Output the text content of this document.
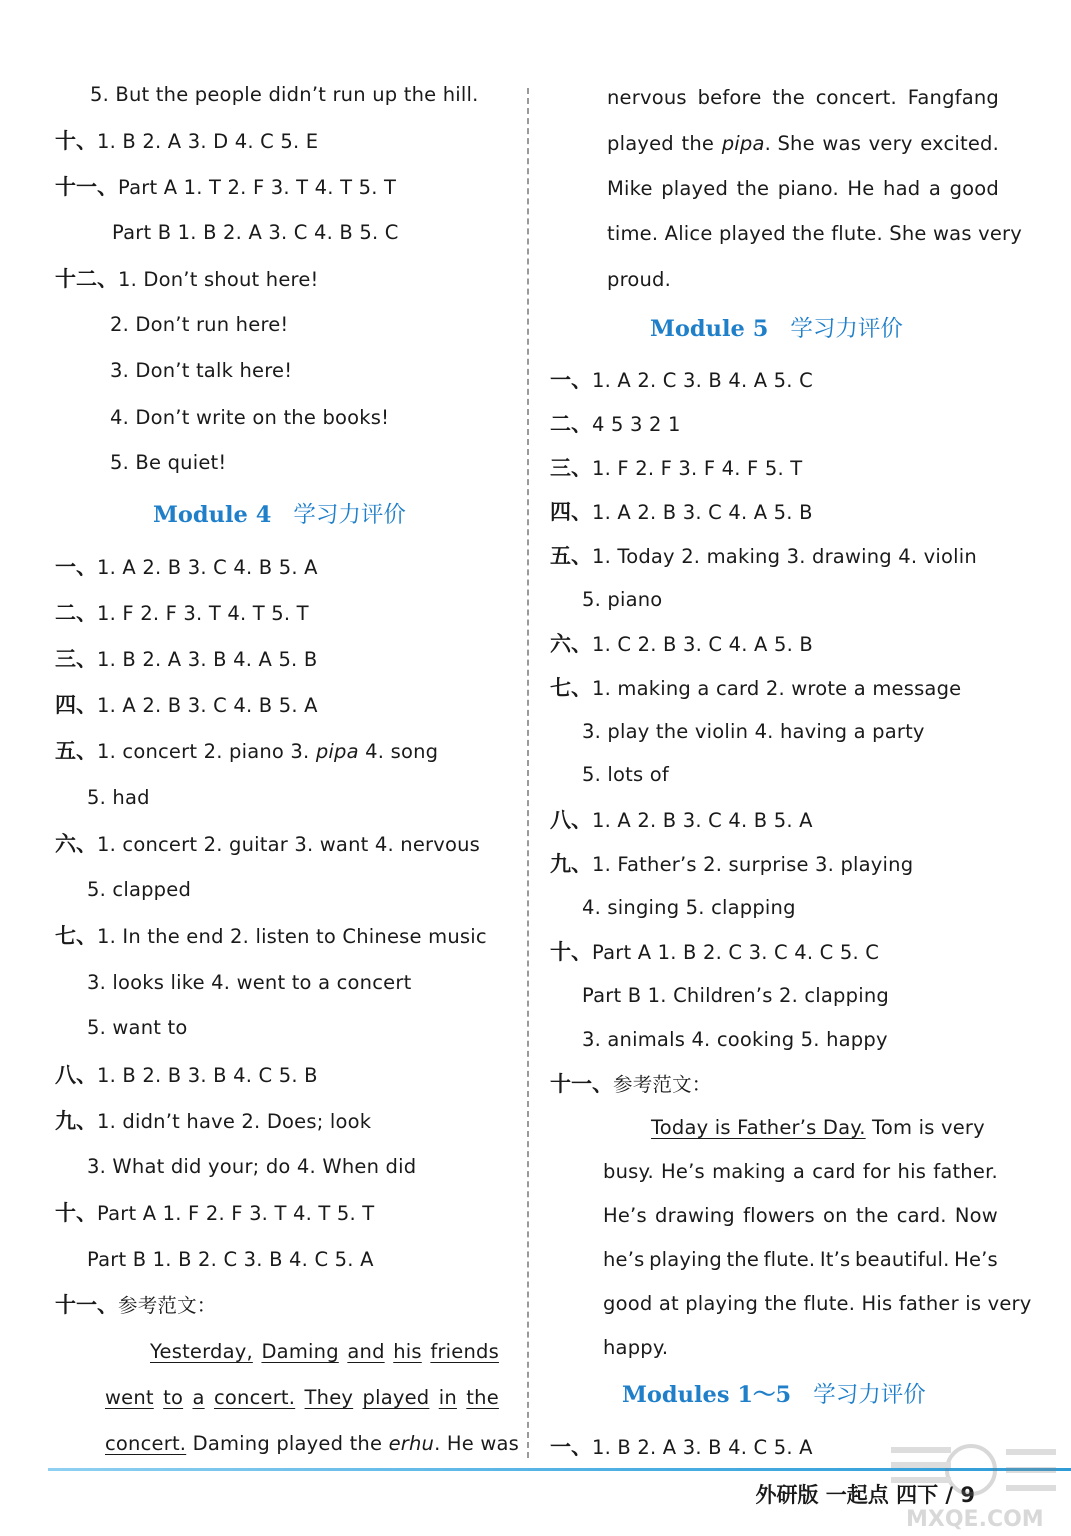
5. But the people didn’t run up the hill.
十、1. B 2. A 3. D 4. C 5. E
十一、Part A 1. T 2. F 3. T 4. T 5. T
Part B 1. B 2. A 3. C 4. B 5. C
十二、1. Don’t shout here!
2. Don’t run here!
3. Don’t talk here!
4. Don’t write on the books!
5. Be quiet!
Module 4 学习力评价
一、1. A 2. B 3. C 4. B 5. A
二、1. F 2. F 3. T 4. T 5. T
三、1. B 2. A 3. B 4. A 5. B
四、1. A 2. B 3. C 4. B 5. A
五、1. concert 2. piano 3. pipa 4. song
5. had
六、1. concert 2. guitar 3. want 4. nervous
5. clapped
七、1. In the end 2. listen to Chinese music
3. looks like 4. went to a concert
5. want to
八、1. B 2. B 3. B 4. C 5. B
九、1. didn’t have 2. Does; look
3. What did your; do 4. When did
十、Part A 1. F 2. F 3. T 4. T 5. T
Part B 1. B 2. C 3. B 4. C 5. A
十一、参考范文：
Yesterday, Daming and his friends
went to a concert. They played in the
concert. Daming played the erhu. He was
nervous before the concert. Fangfang
played the pipa. She was very excited.
Mike played the piano. He had a good
time. Alice played the flute. She was very
proud.
Module 5 学习力评价
一、1. A 2. C 3. B 4. A 5. C
二、4 5 3 2 1
三、1. F 2. F 3. F 4. F 5. T
四、1. A 2. B 3. C 4. A 5. B
五、1. Today 2. making 3. drawing 4. violin
5. piano
六、1. C 2. B 3. C 4. A 5. B
七、1. making a card 2. wrote a message
3. play the violin 4. having a party
5. lots of
八、1. A 2. B 3. C 4. B 5. A
九、1. Father’s 2. surprise 3. playing
4. singing 5. clapping
十、Part A 1. B 2. C 3. C 4. C 5. C
Part B 1. Children’s 2. clapping
3. animals 4. cooking 5. happy
十一、参考范文：
Today is Father’s Day. Tom is very
busy. He’s making a card for his father.
He’s drawing flowers on the card. Now
he’s playing the flute. It’s beautiful. He’s
good at playing the flute. His father is very
happy.
Modules 1～5 学习力评价
一、1. B 2. A 3. B 4. C 5. A
外研版 一起点 四下 / 9
MXQE.COM
